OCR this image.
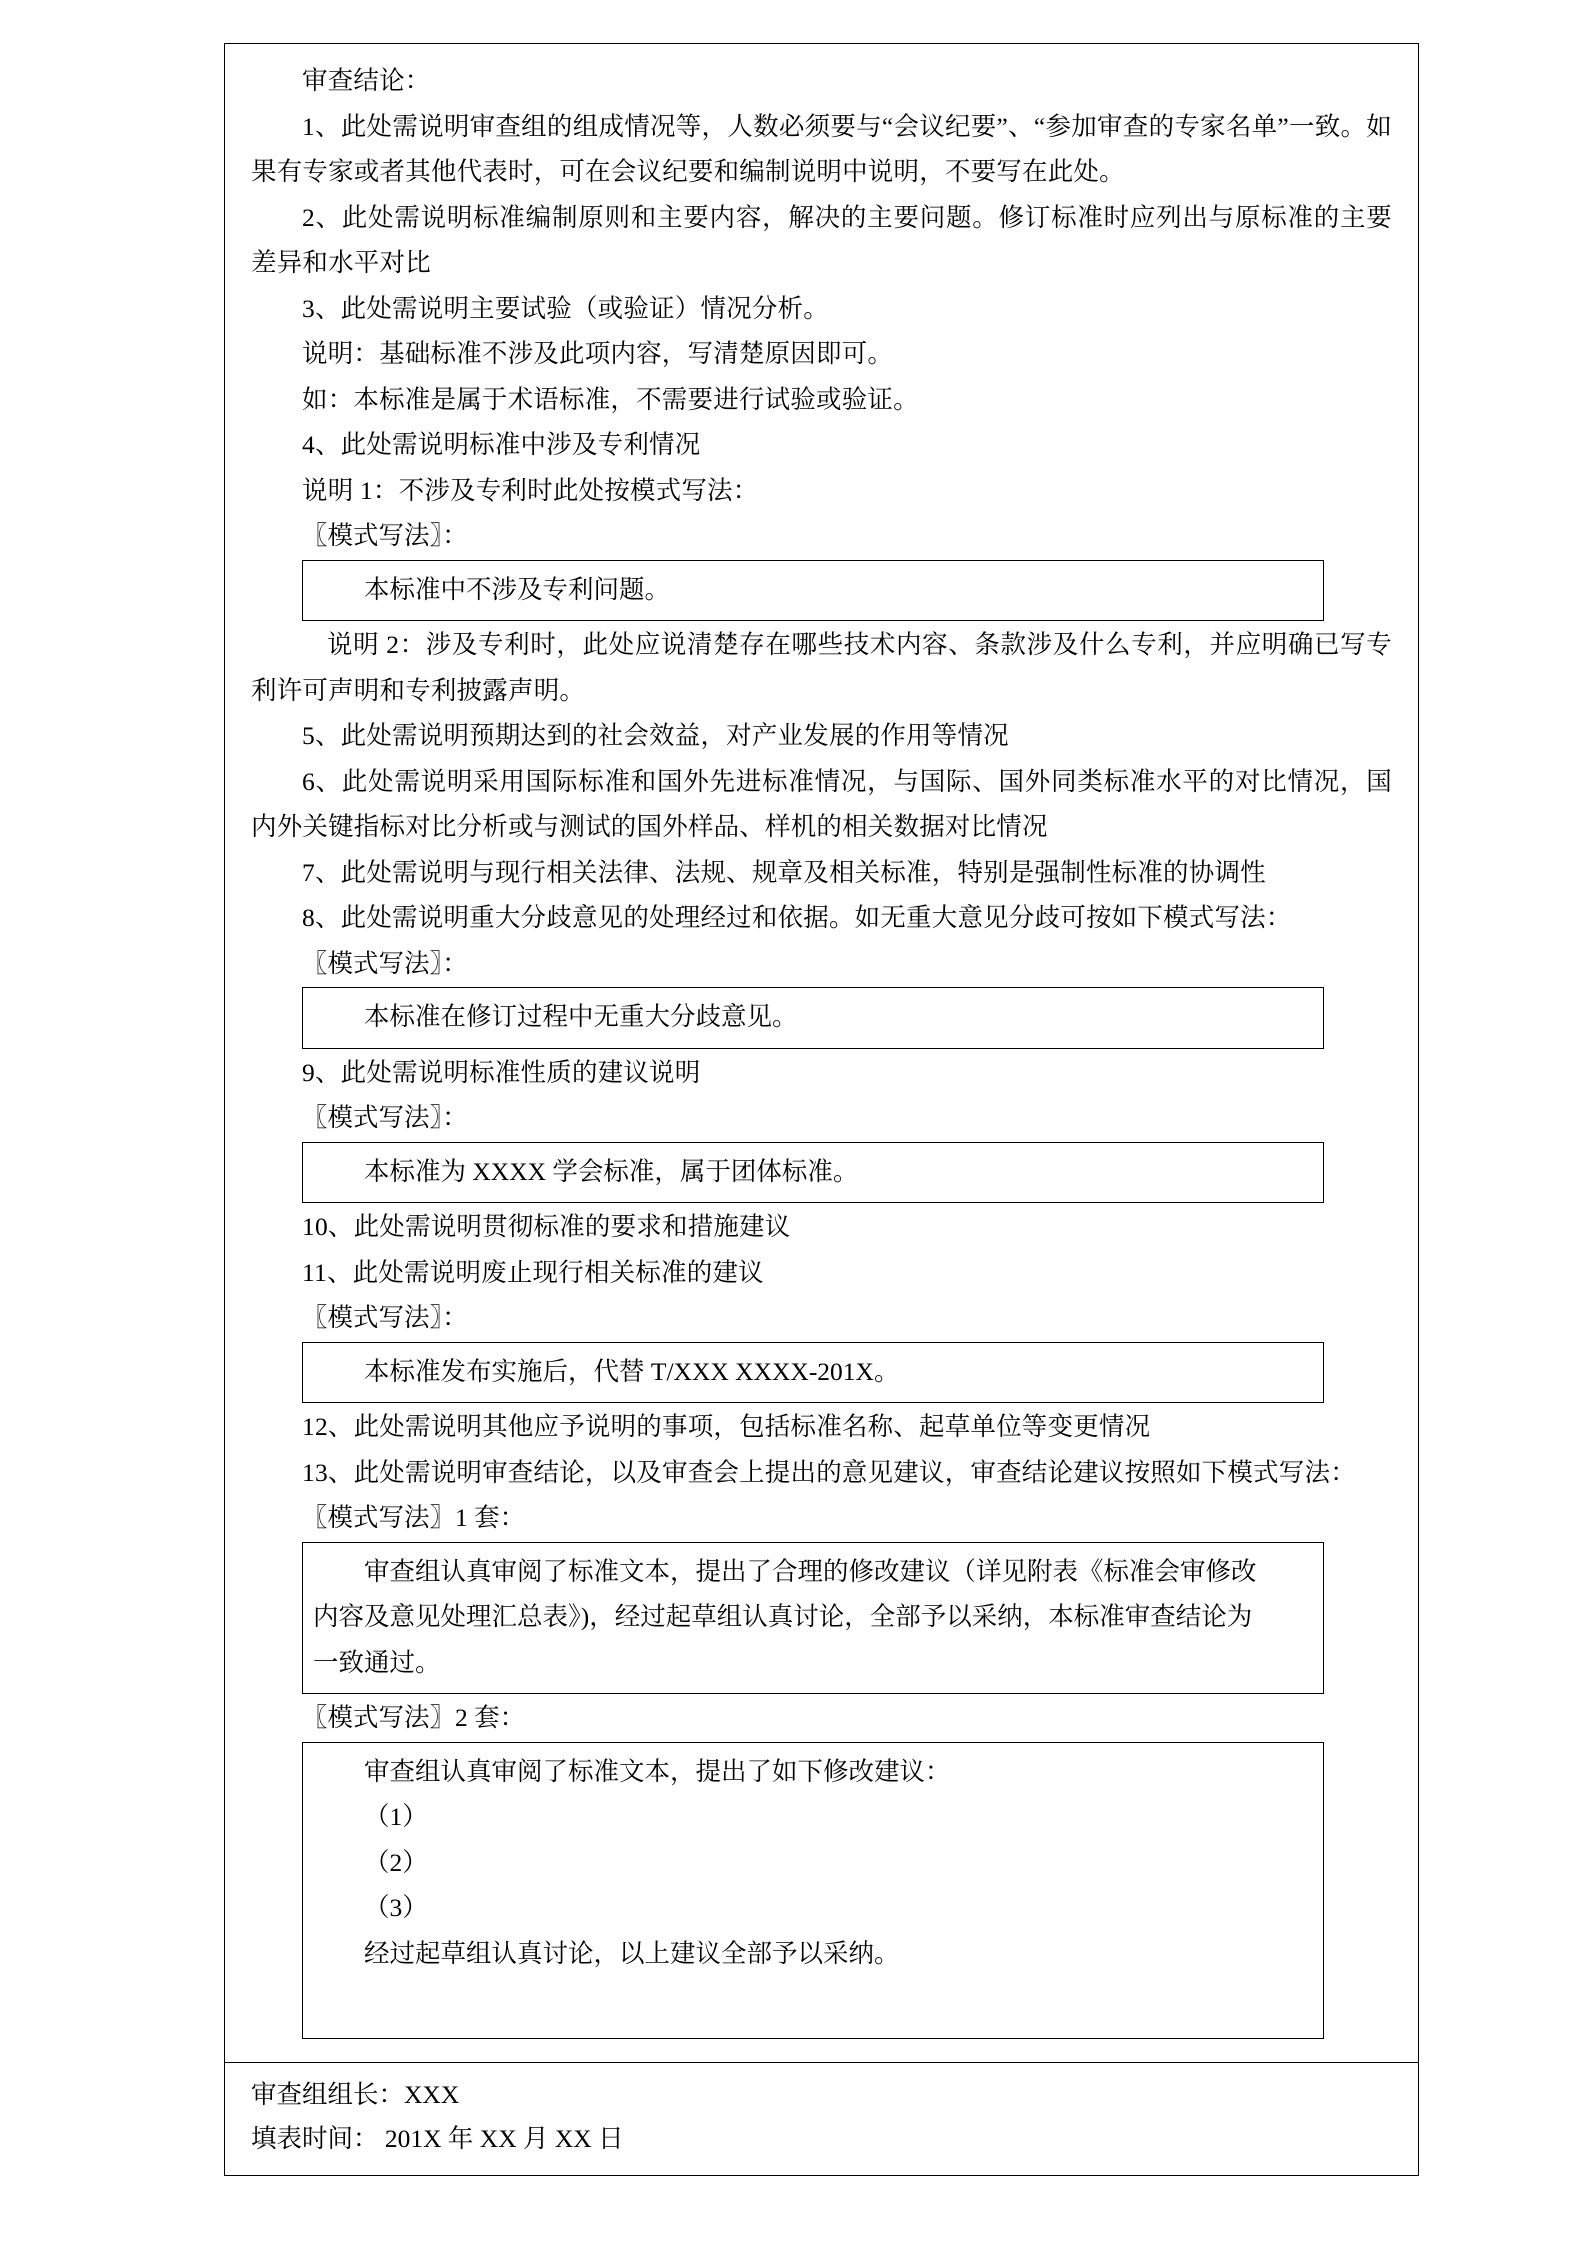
审查结论：

1、此处需说明审查组的组成情况等，人数必须要与“会议纪要”、“参加审查的专家名单”一致。如果有专家或者其他代表时，可在会议纪要和编制说明中说明，不要写在此处。

2、此处需说明标准编制原则和主要内容，解决的主要问题。修订标准时应列出与原标准的主要差异和水平对比

3、此处需说明主要试验（或验证）情况分析。

说明：基础标准不涉及此项内容，写清楚原因即可。

如：本标准是属于术语标准，不需要进行试验或验证。

4、此处需说明标准中涉及专利情况

说明 1：不涉及专利时此处按模式写法：

〖模式写法〗：

本标准中不涉及专利问题。

说明 2：涉及专利时，此处应说清楚存在哪些技术内容、条款涉及什么专利，并应明确已写专利许可声明和专利披露声明。

5、此处需说明预期达到的社会效益，对产业发展的作用等情况

6、此处需说明采用国际标准和国外先进标准情况，与国际、国外同类标准水平的对比情况，国内外关键指标对比分析或与测试的国外样品、样机的相关数据对比情况

7、此处需说明与现行相关法律、法规、规章及相关标准，特别是强制性标准的协调性

8、此处需说明重大分歧意见的处理经过和依据。如无重大意见分歧可按如下模式写法：

〖模式写法〗：

本标准在修订过程中无重大分歧意见。

9、此处需说明标准性质的建议说明

〖模式写法〗：

本标准为 XXXX 学会标准，属于团体标准。

10、此处需说明贯彻标准的要求和措施建议

11、此处需说明废止现行相关标准的建议

〖模式写法〗：

本标准发布实施后，代替 T/XXX XXXX-201X。

12、此处需说明其他应予说明的事项，包括标准名称、起草单位等变更情况

13、此处需说明审查结论，以及审查会上提出的意见建议，审查结论建议按照如下模式写法：

〖模式写法〗1 套：

审查组认真审阅了标准文本，提出了合理的修改建议（详见附表《标准会审修改

内容及意见处理汇总表》)，经过起草组认真讨论，全部予以采纳，本标准审查结论为

一致通过。

〖模式写法〗2 套：

审查组认真审阅了标准文本，提出了如下修改建议：

（1）

（2）

（3）

经过起草组认真讨论，以上建议全部予以采纳。

审查组组长：XXX

填表时间： 201X 年 XX 月 XX 日
